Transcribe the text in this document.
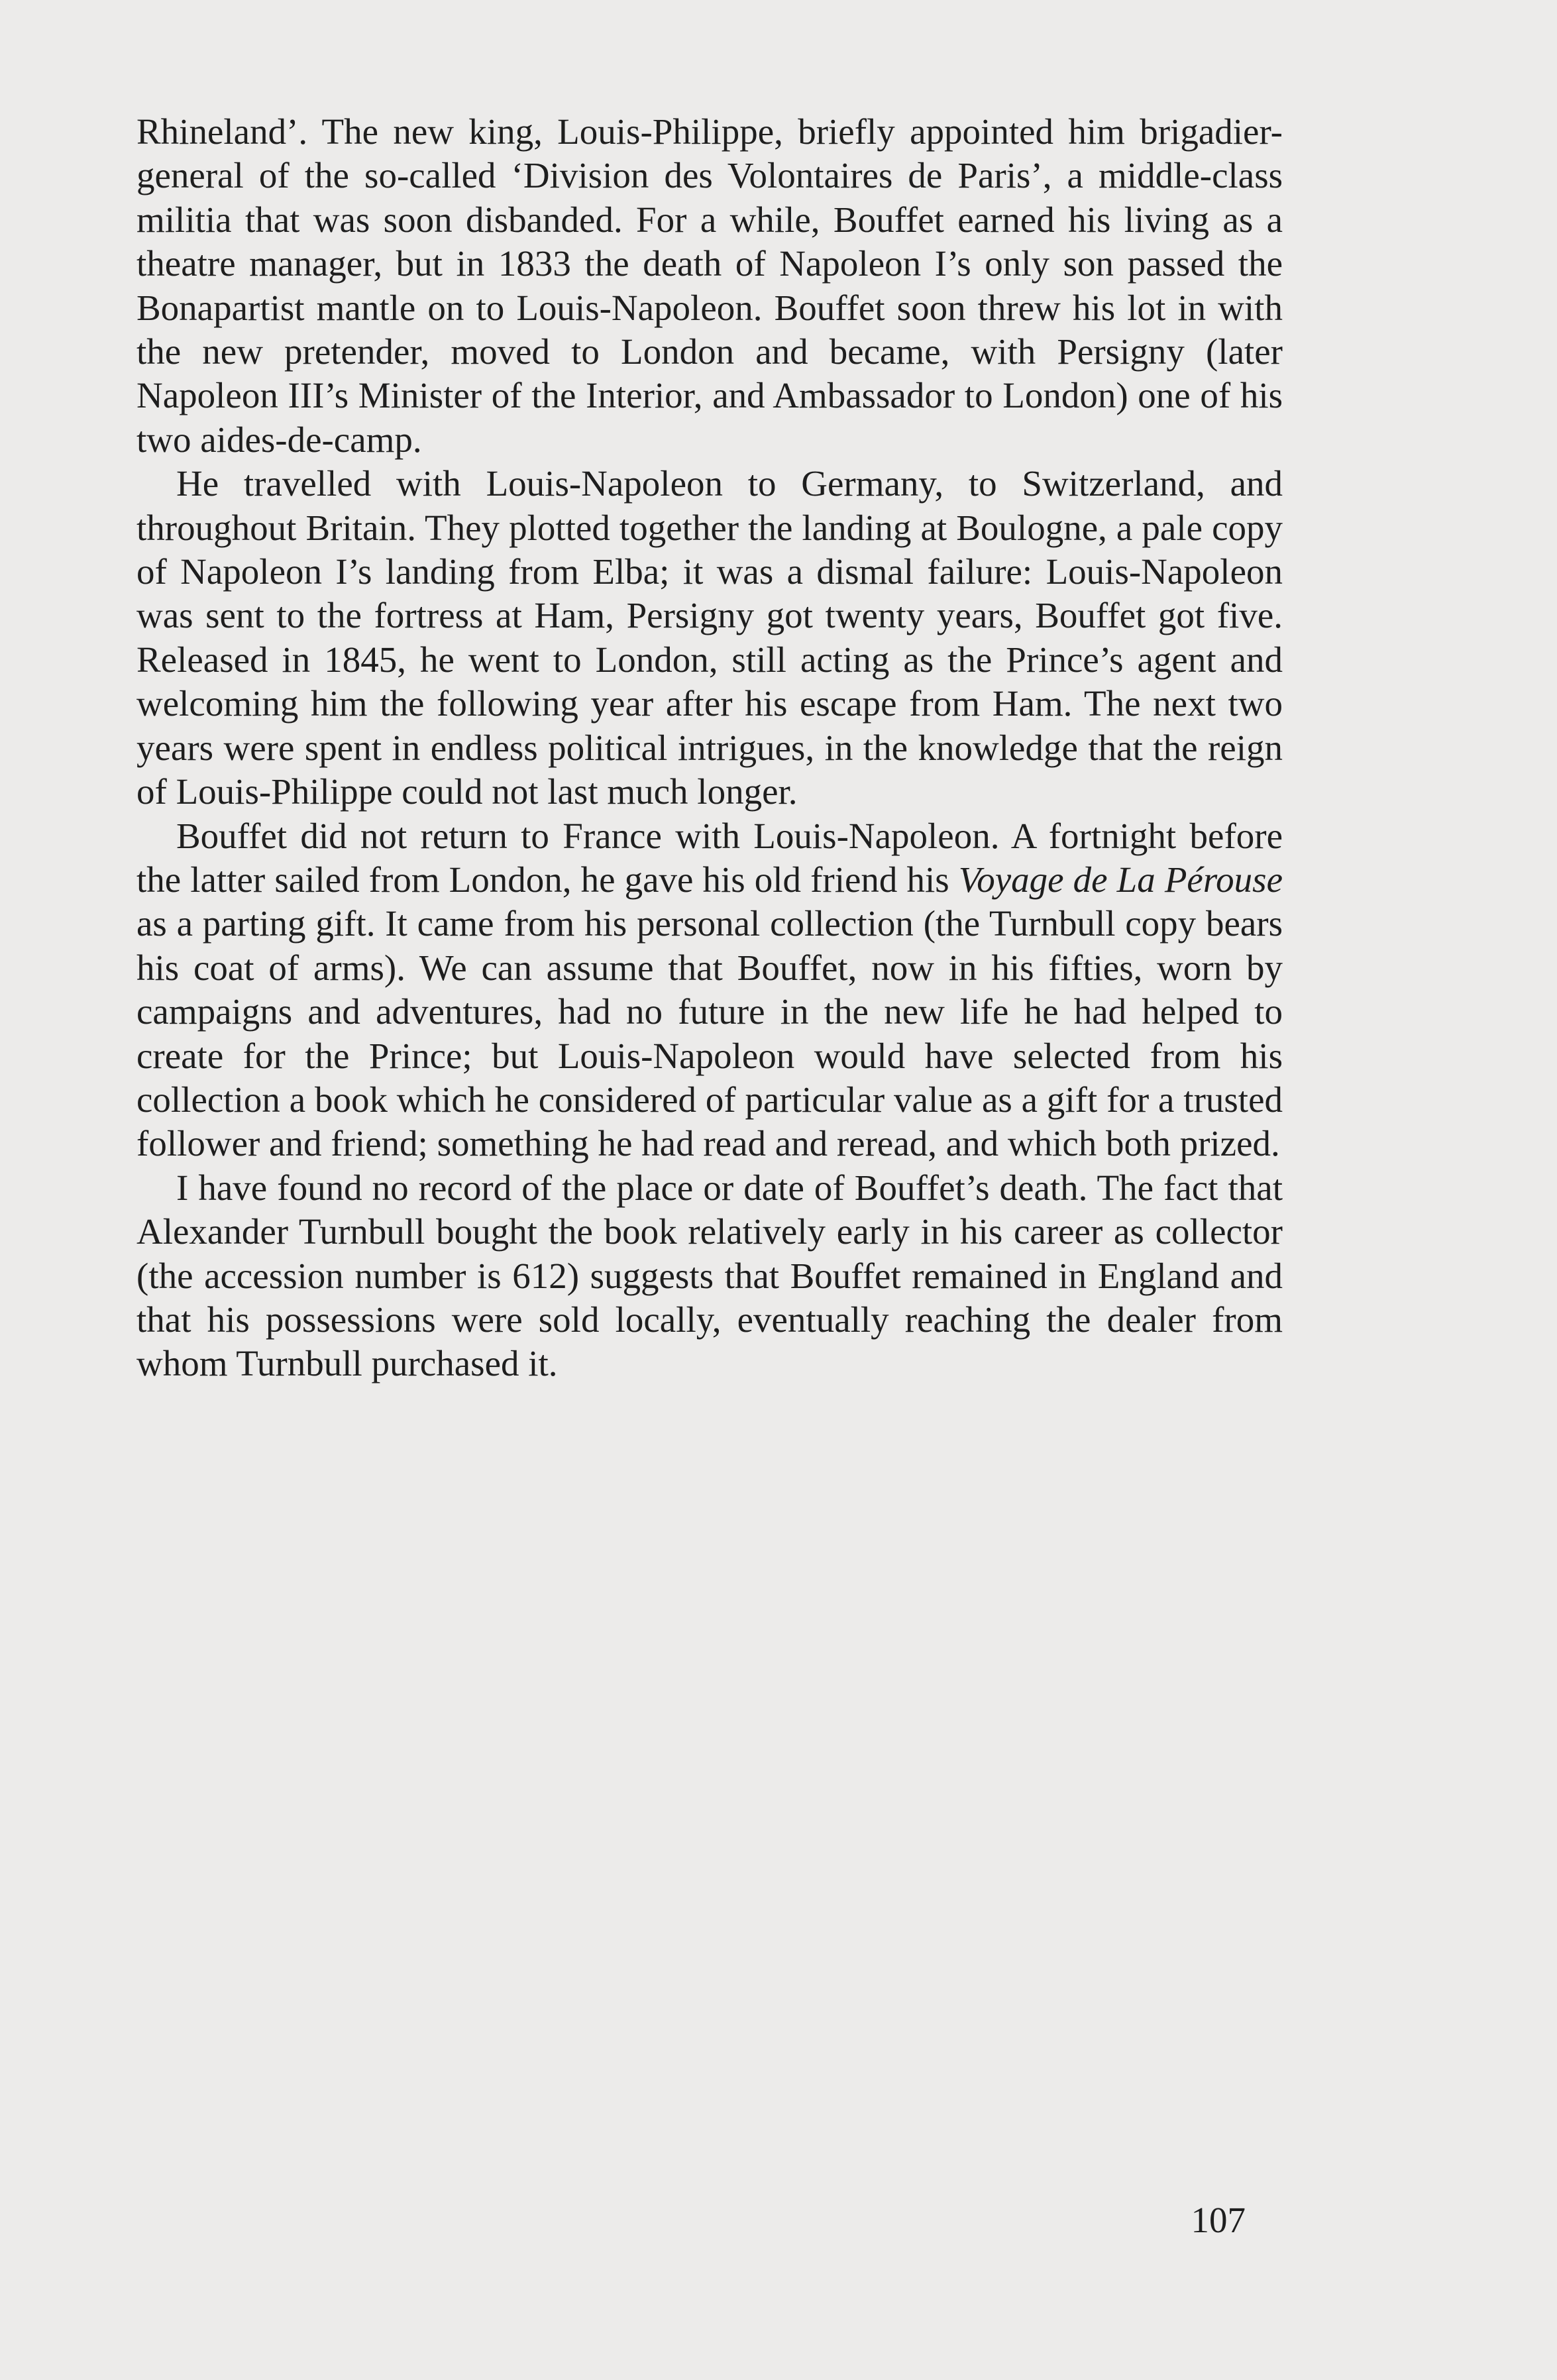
Rhineland’. The new king, Louis-Philippe, briefly appointed him brigadier-general of the so-called ‘Division des Volontaires de Paris’, a middle-class militia that was soon disbanded. For a while, Bouffet earned his living as a theatre manager, but in 1833 the death of Napoleon I’s only son passed the Bonapartist mantle on to Louis-Napoleon. Bouffet soon threw his lot in with the new pretender, moved to London and became, with Persigny (later Napoleon III’s Minister of the Interior, and Ambassador to London) one of his two aides-de-camp.

He travelled with Louis-Napoleon to Germany, to Switzerland, and throughout Britain. They plotted together the landing at Boulogne, a pale copy of Napoleon I’s landing from Elba; it was a dismal failure: Louis-Napoleon was sent to the fortress at Ham, Persigny got twenty years, Bouffet got five. Released in 1845, he went to London, still acting as the Prince’s agent and welcoming him the following year after his escape from Ham. The next two years were spent in endless political intrigues, in the knowledge that the reign of Louis-Philippe could not last much longer.

Bouffet did not return to France with Louis-Napoleon. A fortnight before the latter sailed from London, he gave his old friend his Voyage de La Pérouse as a parting gift. It came from his personal collection (the Turnbull copy bears his coat of arms). We can assume that Bouffet, now in his fifties, worn by campaigns and adventures, had no future in the new life he had helped to create for the Prince; but Louis-Napoleon would have selected from his collection a book which he considered of particular value as a gift for a trusted follower and friend; something he had read and reread, and which both prized.

I have found no record of the place or date of Bouffet’s death. The fact that Alexander Turnbull bought the book relatively early in his career as collector (the accession number is 612) suggests that Bouffet remained in England and that his possessions were sold locally, eventually reaching the dealer from whom Turnbull purchased it.

107
